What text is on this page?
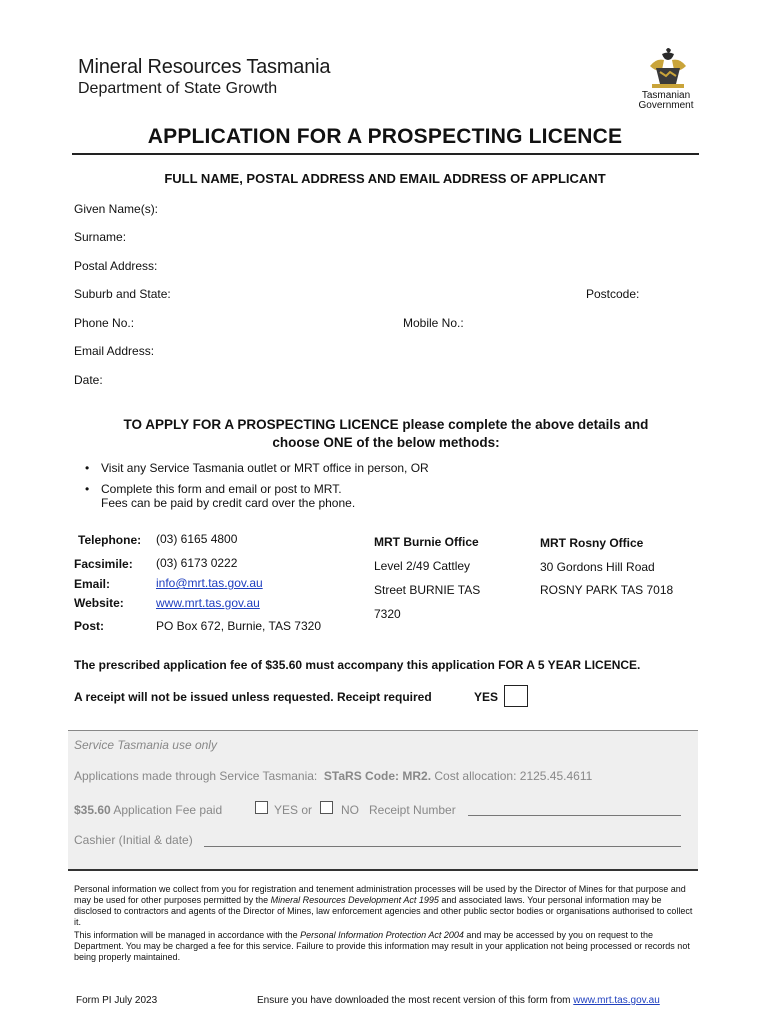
Mineral Resources Tasmania
Department of State Growth	Tasmanian
Government
APPLICATION FOR A PROSPECTING LICENCE
FULL NAME, POSTAL ADDRESS AND EMAIL ADDRESS OF APPLICANT
Given Name(s):
Surname:
Postal Address:
Suburb and State:	Postcode:
Phone No.:	Mobile No.:
Email Address:
Date:
TO APPLY FOR A PROSPECTING LICENCE please complete the above details and
choose ONE of the below methods:
• Visit any Service Tasmania outlet or MRT office in person, OR
• Complete this form and email or post to MRT.
Fees can be paid by credit card over the phone.
Telephone: (03) 6165 4800
Facsimile: (03) 6173 0222
Email:	info@mrt.tas.gov.au
Website:	www.mrt.tas.gov.au
Post:	PO Box 672, Burnie, TAS 7320
MRT Burnie Office
Level 2/49 Cattley
Street BURNIE TAS
7320
MRT Rosny Office
30 Gordons Hill Road
ROSNY PARK TAS 7018
The prescribed application fee of $35.60 must accompany this application FOR A 5 YEAR LICENCE.
A receipt will not be issued unless requested. Receipt required	YES
Service Tasmania use only
Applications made through Service Tasmania: STaRS Code: MR2. Cost allocation: 2125.45.4611
$35.60 Application Fee paid	YES or NO Receipt Number
Cashier (Initial & date)

Personal information we collect from you for registration and tenement administration processes will be used by the Director of Mines for that purpose and may be used for other purposes permitted by the Mineral Resources Development Act 1995 and associated laws. Your personal information may be disclosed to contractors and agents of the Director of Mines, law enforcement agencies and other public sector bodies or organisations authorised to collect it.

This information will be managed in accordance with the Personal Information Protection Act 2004 and may be accessed by you on request to the Department. You may be charged a fee for this service. Failure to provide this information may result in your application not being processed or records not being properly maintained.

Form PI July 2023	Ensure you have downloaded the most recent version of this form from www.mrt.tas.gov.au
